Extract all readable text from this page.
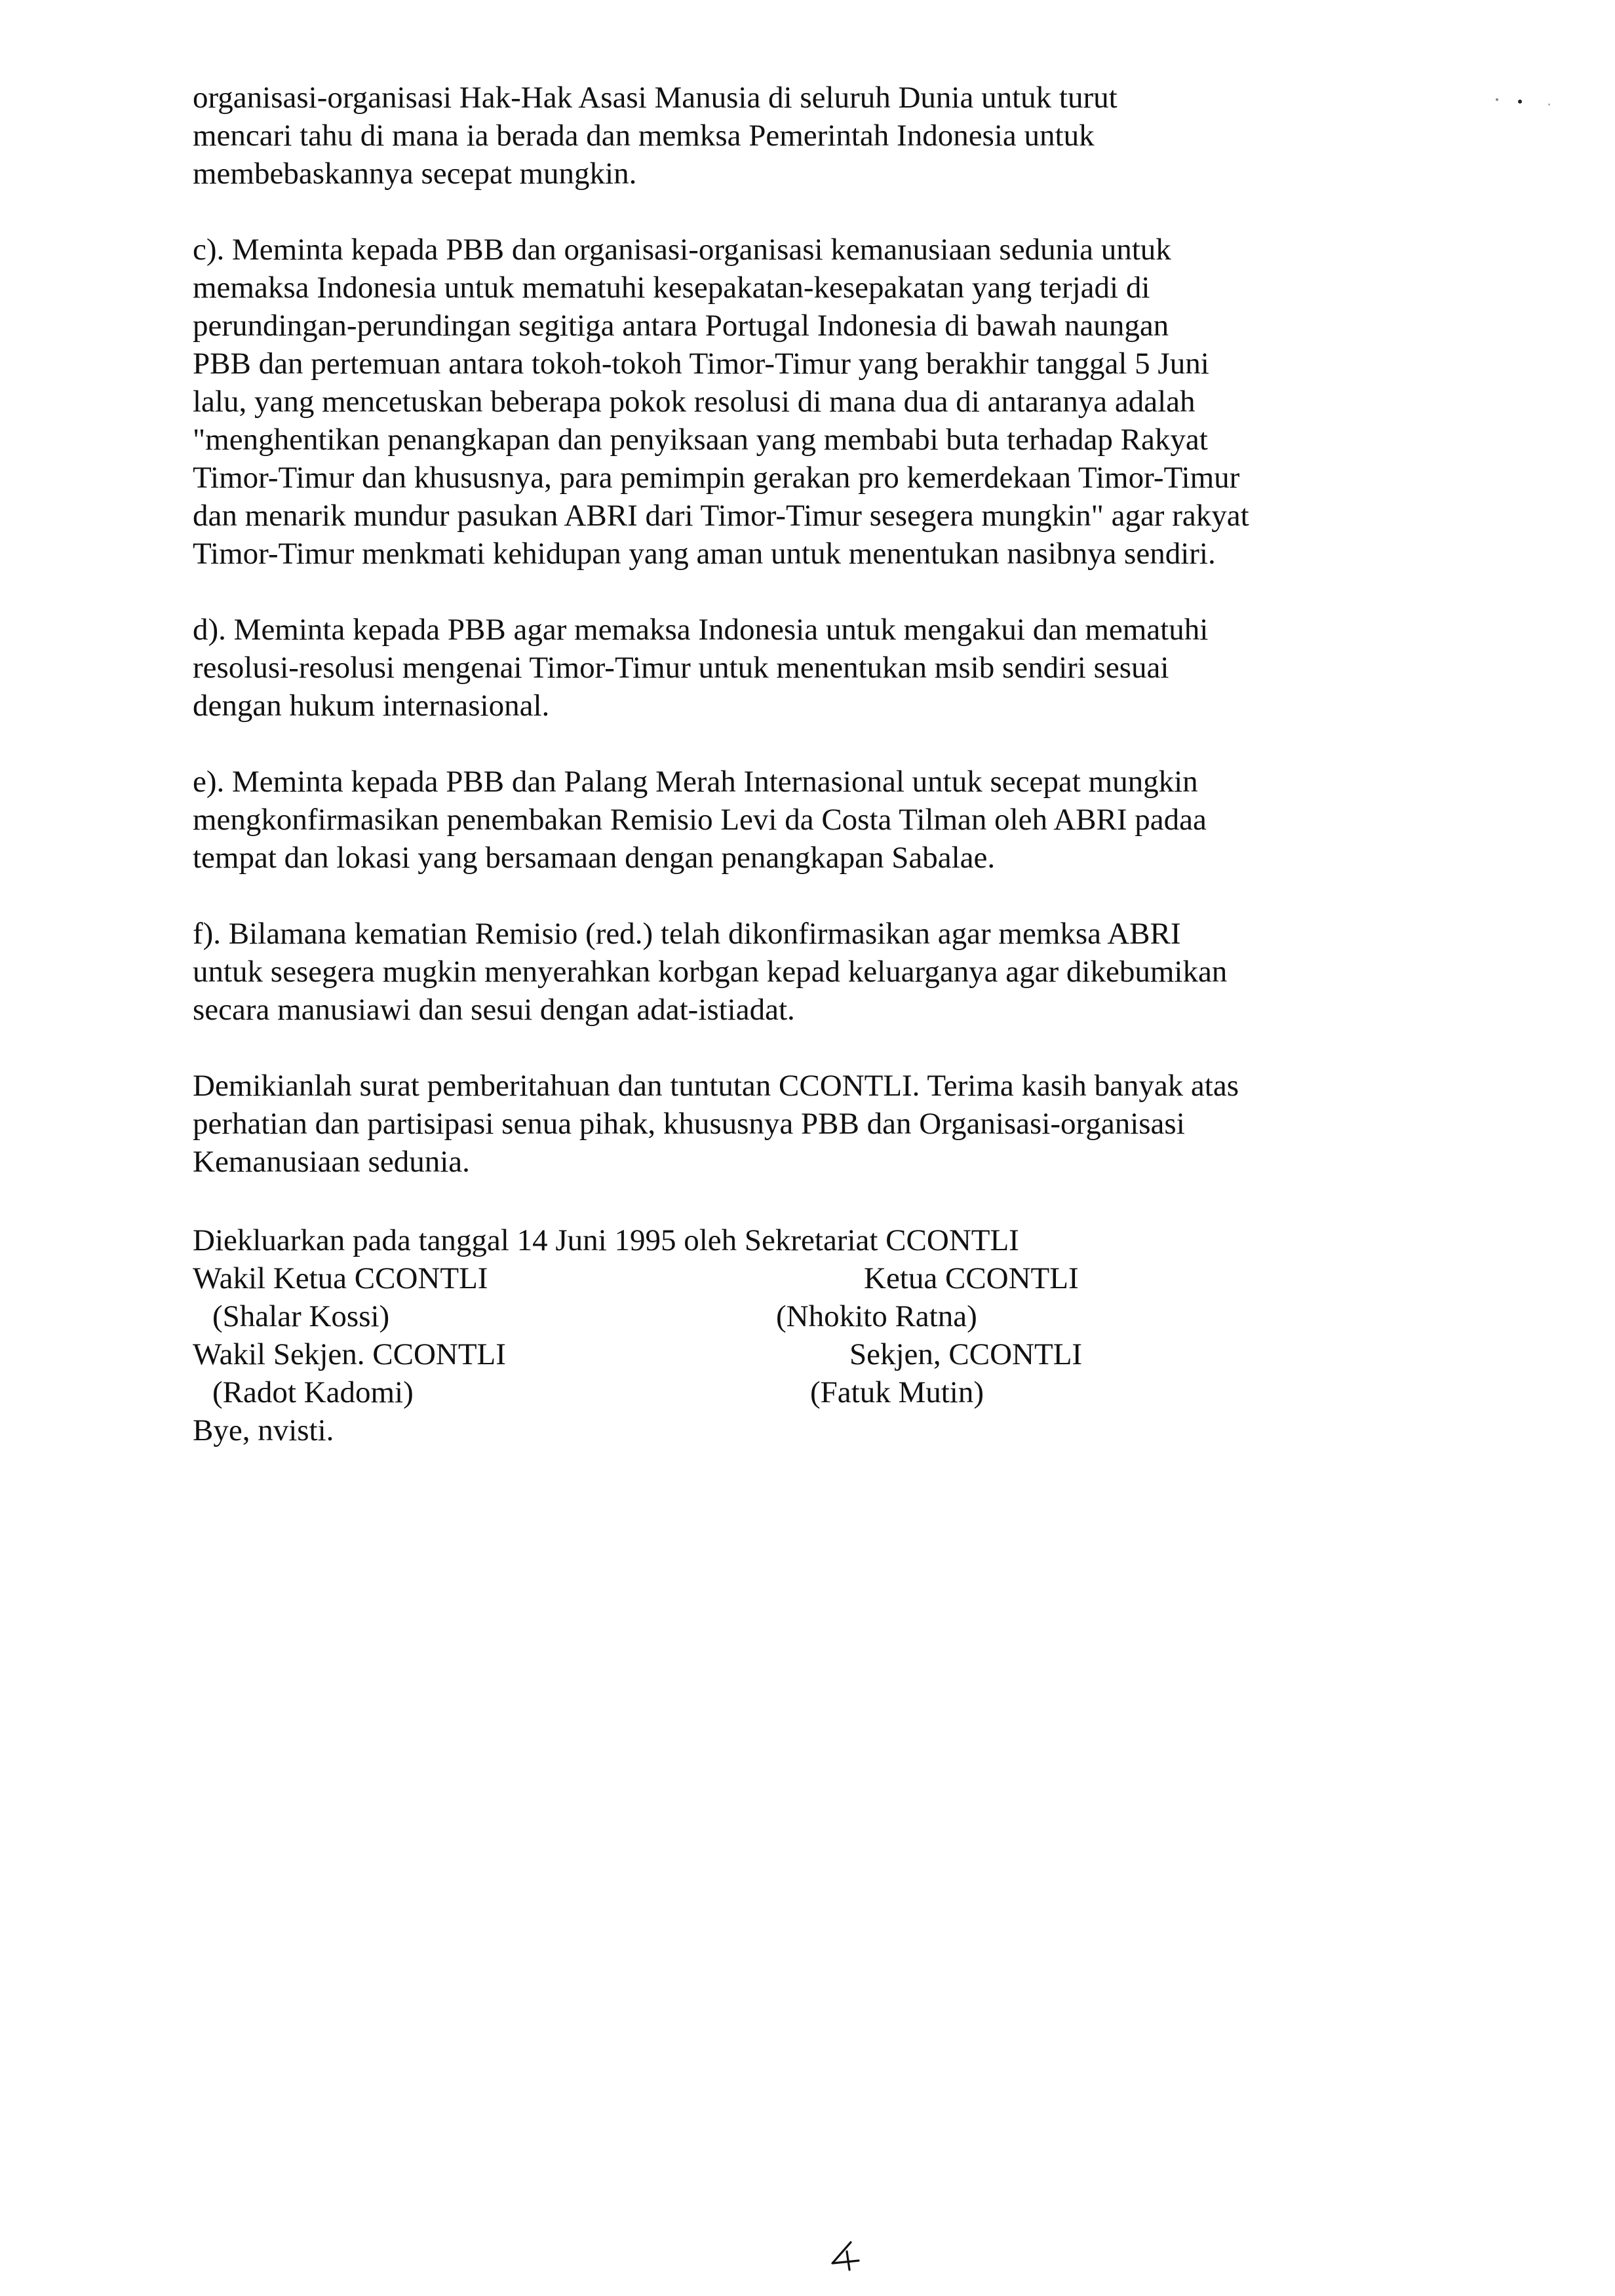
organisasi-organisasi Hak-Hak Asasi Manusia di seluruh Dunia untuk turut
mencari tahu di mana ia berada dan memksa Pemerintah Indonesia untuk
membebaskannya secepat mungkin.
c). Meminta kepada PBB dan organisasi-organisasi kemanusiaan sedunia untuk
memaksa Indonesia untuk mematuhi kesepakatan-kesepakatan yang terjadi di
perundingan-perundingan segitiga antara Portugal Indonesia di bawah naungan
PBB dan pertemuan antara tokoh-tokoh Timor-Timur yang berakhir tanggal 5 Juni
lalu, yang mencetuskan beberapa pokok resolusi di mana dua di antaranya adalah
"menghentikan penangkapan dan penyiksaan yang membabi buta terhadap Rakyat
Timor-Timur dan khususnya, para pemimpin gerakan pro kemerdekaan Timor-Timur
dan menarik mundur pasukan ABRI dari Timor-Timur sesegera mungkin" agar rakyat
Timor-Timur menkmati kehidupan yang aman untuk menentukan nasibnya sendiri.
d). Meminta kepada PBB agar memaksa Indonesia untuk mengakui dan mematuhi
resolusi-resolusi mengenai Timor-Timur untuk menentukan msib sendiri sesuai
dengan hukum internasional.
e). Meminta kepada PBB dan Palang Merah Internasional untuk secepat mungkin
mengkonfirmasikan penembakan Remisio Levi da Costa Tilman oleh ABRI padaa
tempat dan lokasi yang bersamaan dengan penangkapan Sabalae.
f). Bilamana kematian Remisio (red.) telah dikonfirmasikan agar memksa ABRI
untuk sesegera mugkin menyerahkan korbgan kepad keluarganya agar dikebumikan
secara manusiawi dan sesui dengan adat-istiadat.
Demikianlah surat pemberitahuan dan tuntutan CCONTLI. Terima kasih banyak atas
perhatian dan partisipasi senua pihak, khususnya PBB dan Organisasi-organisasi
Kemanusiaan sedunia.
Diekluarkan pada tanggal 14 Juni 1995 oleh Sekretariat CCONTLI
Wakil Ketua CCONTLI	Ketua CCONTLI
(Shalar Kossi)	(Nhokito Ratna)
Wakil Sekjen. CCONTLI	Sekjen, CCONTLI
(Radot Kadomi)	(Fatuk Mutin)
Bye, nvisti.
